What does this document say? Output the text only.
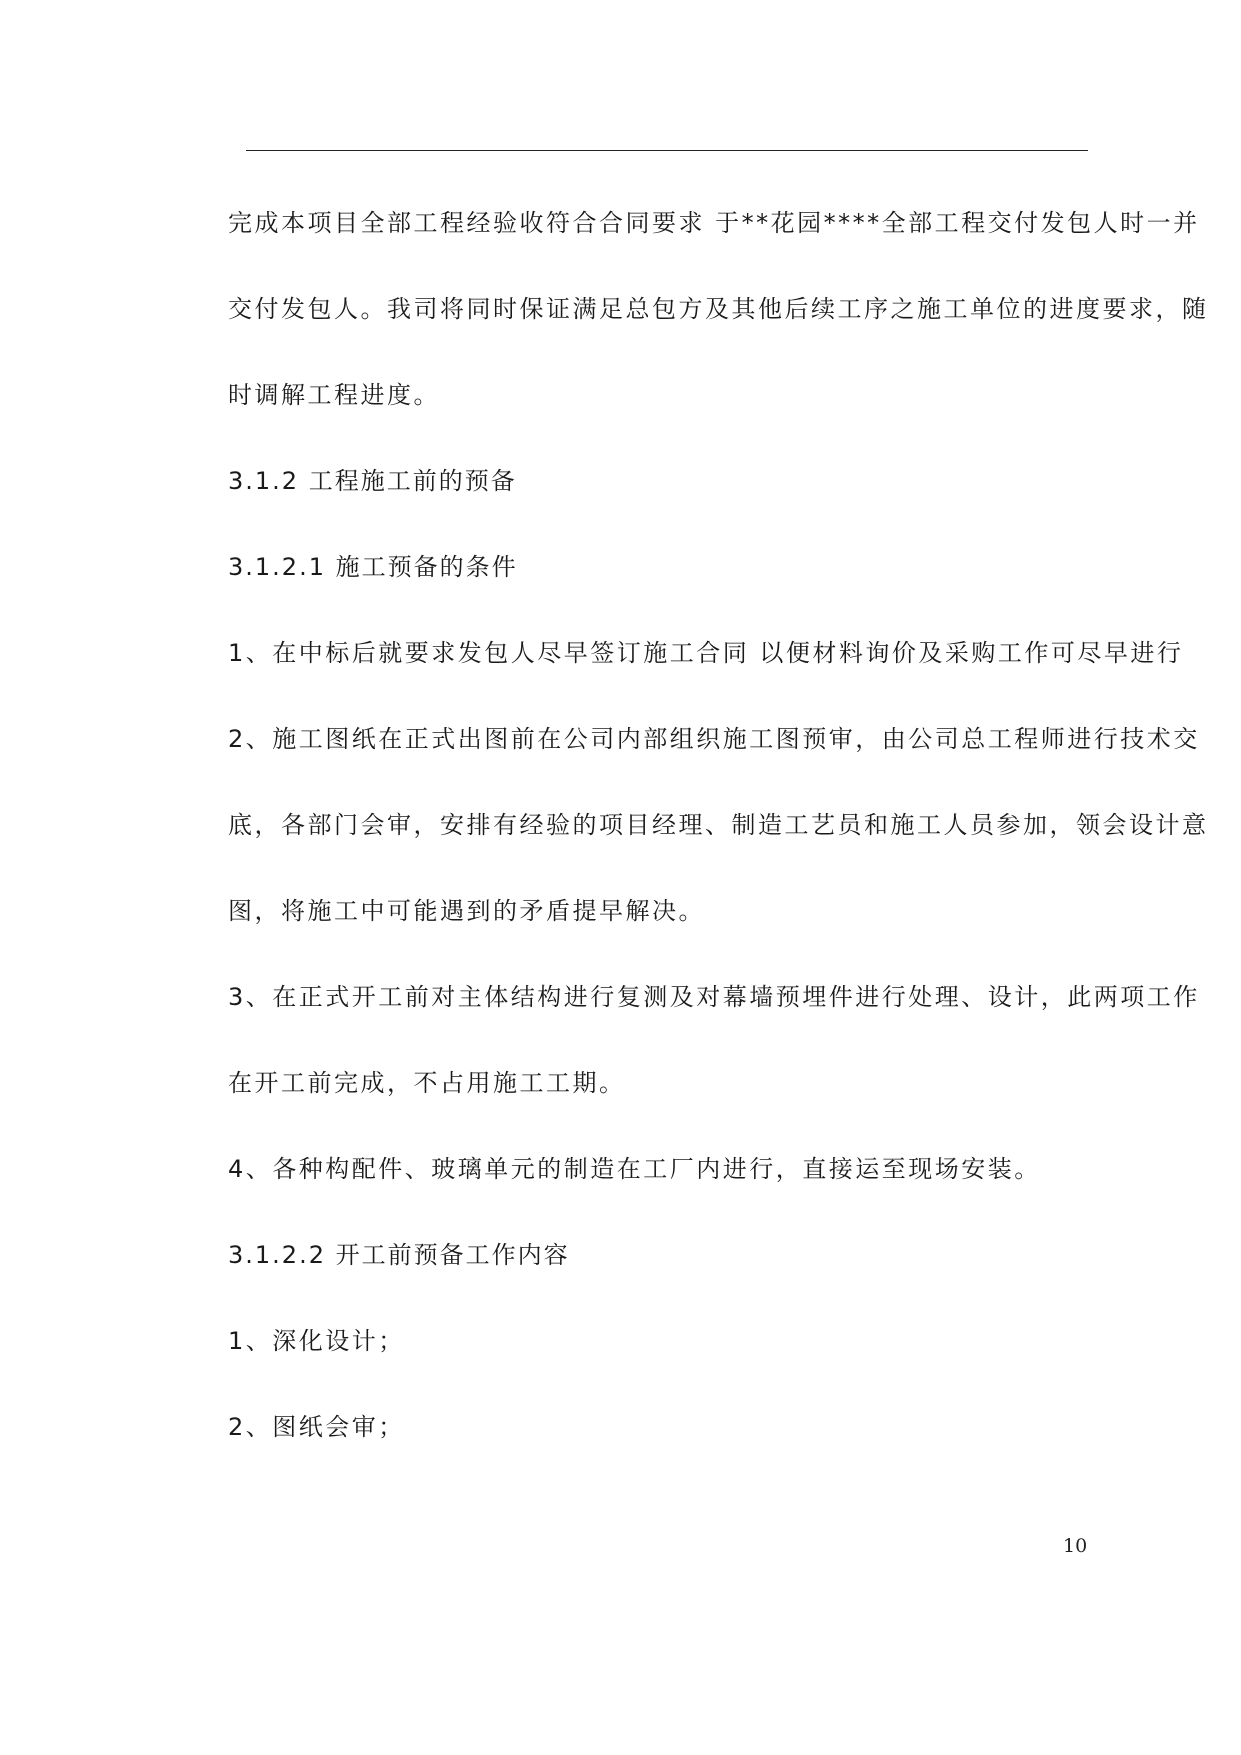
完成本项目全部工程经验收符合合同要求 于**花园****全部工程交付发包人时一并
交付发包人。我司将同时保证满足总包方及其他后续工序之施工单位的进度要求，随
时调解工程进度。
3.1.2 工程施工前的预备
3.1.2.1 施工预备的条件
1、在中标后就要求发包人尽早签订施工合同 以便材料询价及采购工作可尽早进行
2、施工图纸在正式出图前在公司内部组织施工图预审，由公司总工程师进行技术交
底，各部门会审，安排有经验的项目经理、制造工艺员和施工人员参加，领会设计意
图，将施工中可能遇到的矛盾提早解决。
3、在正式开工前对主体结构进行复测及对幕墙预埋件进行处理、设计，此两项工作
在开工前完成，不占用施工工期。
4、各种构配件、玻璃单元的制造在工厂内进行，直接运至现场安装。
3.1.2.2 开工前预备工作内容
1、深化设计；
2、图纸会审；
10
